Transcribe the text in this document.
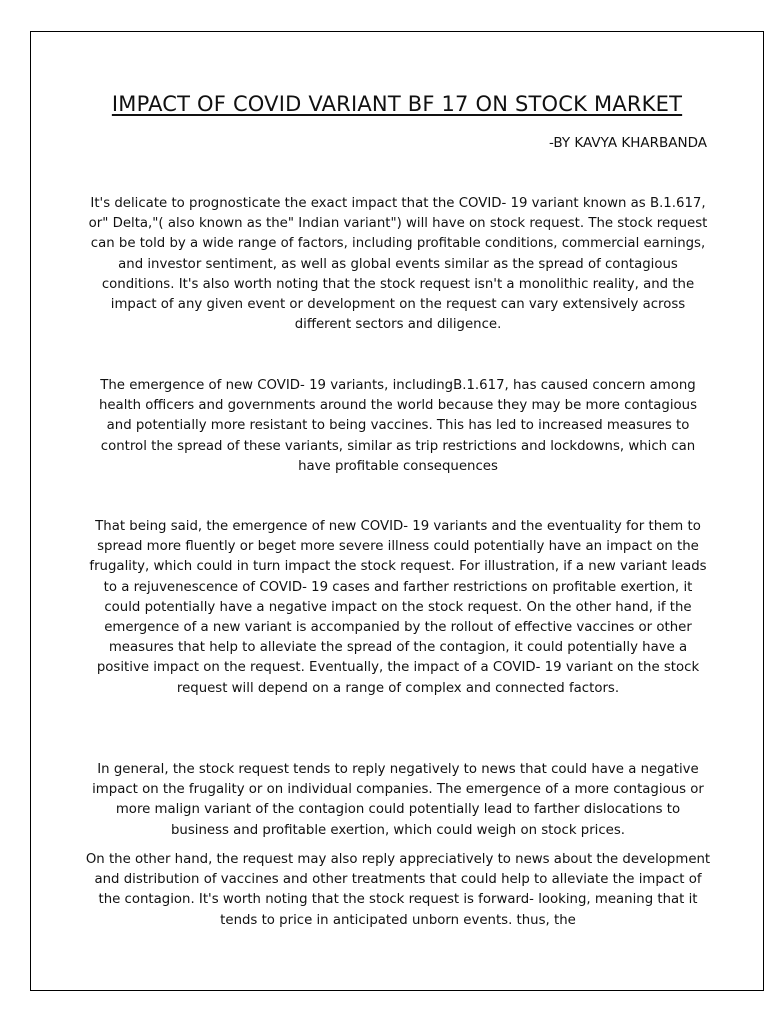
IMPACT OF COVID VARIANT BF 17 ON STOCK MARKET
-BY KAVYA KHARBANDA

It's delicate to prognosticate the exact impact that the COVID- 19 variant known as B.1.617, or" Delta,"( also known as the" Indian variant") will have on stock request. The stock request can be told by a wide range of factors, including profitable conditions, commercial earnings, and investor sentiment, as well as global events similar as the spread of contagious conditions. It's also worth noting that the stock request isn't a monolithic reality, and the impact of any given event or development on the request can vary extensively across different sectors and diligence.

The emergence of new COVID- 19 variants, includingB.1.617, has caused concern among health officers and governments around the world because they may be more contagious and potentially more resistant to being vaccines. This has led to increased measures to control the spread of these variants, similar as trip restrictions and lockdowns, which can have profitable consequences

That being said, the emergence of new COVID- 19 variants and the eventuality for them to spread more fluently or beget more severe illness could potentially have an impact on the frugality, which could in turn impact the stock request. For illustration, if a new variant leads to a rejuvenescence of COVID- 19 cases and farther restrictions on profitable exertion, it could potentially have a negative impact on the stock request. On the other hand, if the emergence of a new variant is accompanied by the rollout of effective vaccines or other measures that help to alleviate the spread of the contagion, it could potentially have a positive impact on the request. Eventually, the impact of a COVID- 19 variant on the stock request will depend on a range of complex and connected factors.

In general, the stock request tends to reply negatively to news that could have a negative impact on the frugality or on individual companies. The emergence of a more contagious or more malign variant of the contagion could potentially lead to farther dislocations to business and profitable exertion, which could weigh on stock prices.

On the other hand, the request may also reply appreciatively to news about the development and distribution of vaccines and other treatments that could help to alleviate the impact of the contagion. It's worth noting that the stock request is forward- looking, meaning that it tends to price in anticipated unborn events. thus, the
